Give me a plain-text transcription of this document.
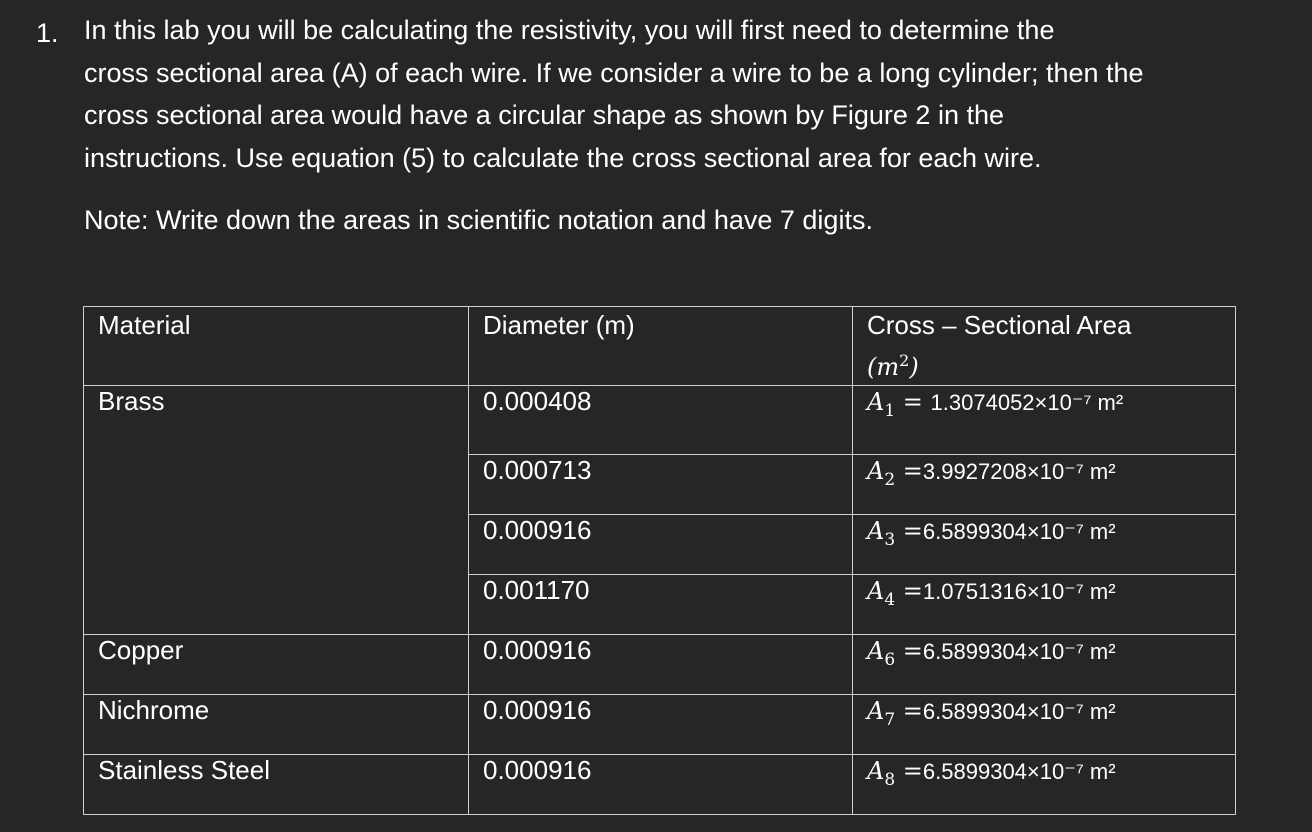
1. In this lab you will be calculating the resistivity, you will first need to determine the
cross sectional area (A) of each wire. If we consider a wire to be a long cylinder; then the
cross sectional area would have a circular shape as shown by Figure 2 in the
instructions. Use equation (5) to calculate the cross sectional area for each wire.
Note: Write down the areas in scientific notation and have 7 digits.
Material	Diameter (m)	Cross – Sectional Area
$(m^2)$
Brass	0.000408	$A_1 = 1.3074052\times 10^{-7}$ m²
	0.000713	$A_2 =3.9927208\times 10^{-7}$ m²
	0.000916	$A_3 =6.5899304\times 10^{-7}$ m²
	0.001170	$A_4 =1.0751316\times 10^{-7}$ m²
Copper	0.000916	$A_6 =6.5899304\times 10^{-7}$ m²
Nichrome	0.000916	$A_7 =6.5899304\times 10^{-7}$ m²
Stainless Steel	0.000916	$A_8 =6.5899304\times 10^{-7}$ m²
